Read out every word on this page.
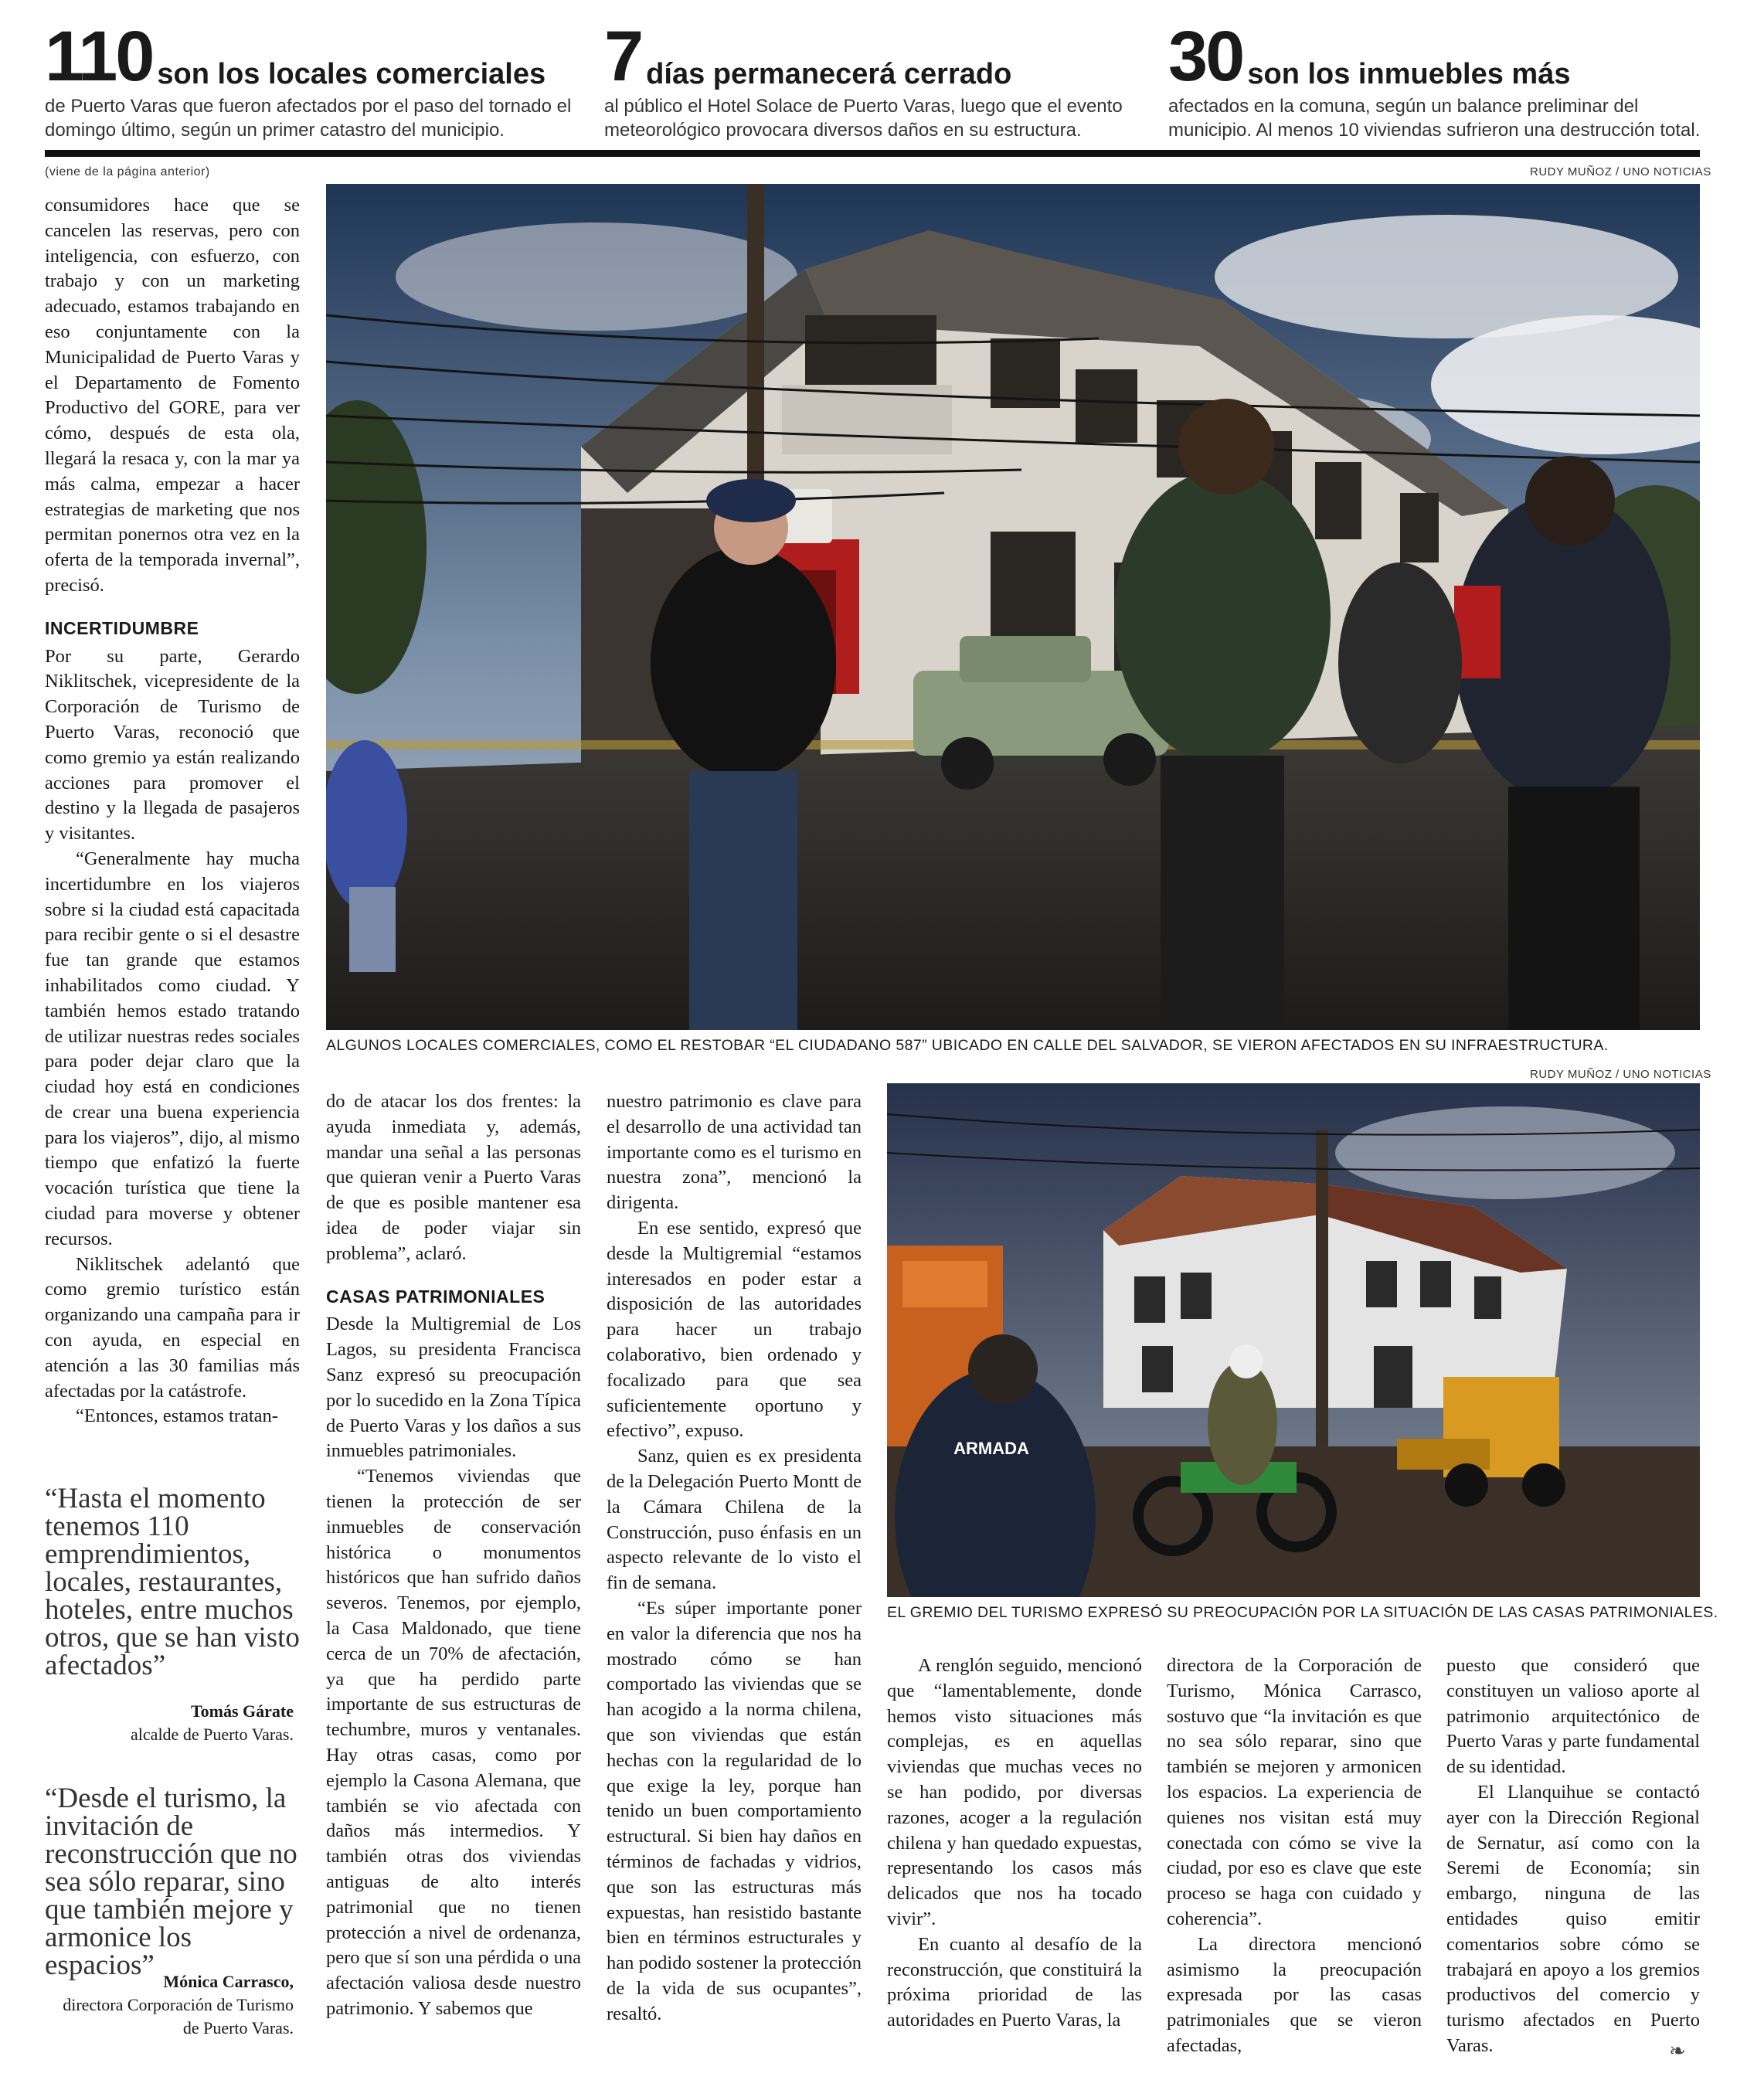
110 son los locales comerciales
de Puerto Varas que fueron afectados por el paso del tornado el domingo último, según un primer catastro del municipio.
7 días permanecerá cerrado
al público el Hotel Solace de Puerto Varas, luego que el evento meteorológico provocara diversos daños en su estructura.
30 son los inmuebles más
afectados en la comuna, según un balance preliminar del municipio. Al menos 10 viviendas sufrieron una destrucción total.
(viene de la página anterior)	RUDY MUÑOZ / UNO NOTICIAS
ALGUNOS LOCALES COMERCIALES, COMO EL RESTOBAR “EL CIUDADANO 587” UBICADO EN CALLE DEL SALVADOR, SE VIERON AFECTADOS EN SU INFRAESTRUCTURA.

consumidores hace que se cancelen las reservas, pero con inteligencia, con esfuerzo, con trabajo y con un marketing adecuado, estamos trabajando en eso conjuntamente con la Municipalidad de Puerto Varas y el Departamento de Fomento Productivo del GORE, para ver cómo, después de esta ola, llegará la resaca y, con la mar ya más calma, empezar a hacer estrategias de marketing que nos permitan ponernos otra vez en la oferta de la temporada invernal”, precisó.

INCERTIDUMBRE

Por su parte, Gerardo Niklitschek, vicepresidente de la Corporación de Turismo de Puerto Varas, reconoció que como gremio ya están realizando acciones para promover el destino y la llegada de pasajeros y visitantes.

“Generalmente hay mucha incertidumbre en los viajeros sobre si la ciudad está capacitada para recibir gente o si el desastre fue tan grande que estamos inhabilitados como ciudad. Y también hemos estado tratando de utilizar nuestras redes sociales para poder dejar claro que la ciudad hoy está en condiciones de crear una buena experiencia para los viajeros”, dijo, al mismo tiempo que enfatizó la fuerte vocación turística que tiene la ciudad para moverse y obtener recursos.

Niklitschek adelantó que como gremio turístico están organizando una campaña para ir con ayuda, en especial en atención a las 30 familias más afectadas por la catástrofe.

“Entonces, estamos tratan-

“Hasta el momento tenemos 110 emprendimientos, locales, restaurantes, hoteles, entre muchos otros, que se han visto afectados”
Tomás Gárate
alcalde de Puerto Varas.
“Desde el turismo, la invitación de reconstrucción que no sea sólo reparar, sino que también mejore y armonice los espacios”
Mónica Carrasco,
directora Corporación de Turismo de Puerto Varas.

do de atacar los dos frentes: la ayuda inmediata y, además, mandar una señal a las personas que quieran venir a Puerto Varas de que es posible mantener esa idea de poder viajar sin problema”, aclaró.

CASAS PATRIMONIALES

Desde la Multigremial de Los Lagos, su presidenta Francisca Sanz expresó su preocupación por lo sucedido en la Zona Típica de Puerto Varas y los daños a sus inmuebles patrimoniales.

“Tenemos viviendas que tienen la protección de ser inmuebles de conservación histórica o monumentos históricos que han sufrido daños severos. Tenemos, por ejemplo, la Casa Maldonado, que tiene cerca de un 70% de afectación, ya que ha perdido parte importante de sus estructuras de techumbre, muros y ventanales. Hay otras casas, como por ejemplo la Casona Alemana, que también se vio afectada con daños más intermedios. Y también otras dos viviendas antiguas de alto interés patrimonial que no tienen protección a nivel de ordenanza, pero que sí son una pérdida o una afectación valiosa desde nuestro patrimonio. Y sabemos que

nuestro patrimonio es clave para el desarrollo de una actividad tan importante como es el turismo en nuestra zona”, mencionó la dirigenta.

En ese sentido, expresó que desde la Multigremial “estamos interesados en poder estar a disposición de las autoridades para hacer un trabajo colaborativo, bien ordenado y focalizado para que sea suficientemente oportuno y efectivo”, expuso.

Sanz, quien es ex presidenta de la Delegación Puerto Montt de la Cámara Chilena de la Construcción, puso énfasis en un aspecto relevante de lo visto el fin de semana.

“Es súper importante poner en valor la diferencia que nos ha mostrado cómo se han comportado las viviendas que se han acogido a la norma chilena, que son viviendas que están hechas con la regularidad de lo que exige la ley, porque han tenido un buen comportamiento estructural. Si bien hay daños en términos de fachadas y vidrios, que son las estructuras más expuestas, han resistido bastante bien en términos estructurales y han podido sostener la protección de la vida de sus ocupantes”, resaltó.

RUDY MUÑOZ / UNO NOTICIAS
ARMADA
EL GREMIO DEL TURISMO EXPRESÓ SU PREOCUPACIÓN POR LA SITUACIÓN DE LAS CASAS PATRIMONIALES.

A renglón seguido, mencionó que “lamentablemente, donde hemos visto situaciones más complejas, es en aquellas viviendas que muchas veces no se han podido, por diversas razones, acoger a la regulación chilena y han quedado expuestas, representando los casos más delicados que nos ha tocado vivir”.

En cuanto al desafío de la reconstrucción, que constituirá la próxima prioridad de las autoridades en Puerto Varas, la

directora de la Corporación de Turismo, Mónica Carrasco, sostuvo que “la invitación es que no sea sólo reparar, sino que también se mejoren y armonicen los espacios. La experiencia de quienes nos visitan está muy conectada con cómo se vive la ciudad, por eso es clave que este proceso se haga con cuidado y coherencia”.

La directora mencionó asimismo la preocupación expresada por las casas patrimoniales que se vieron afectadas,

puesto que consideró que constituyen un valioso aporte al patrimonio arquitectónico de Puerto Varas y parte fundamental de su identidad.

El Llanquihue se contactó ayer con la Dirección Regional de Sernatur, así como con la Seremi de Economía; sin embargo, ninguna de las entidades quiso emitir comentarios sobre cómo se trabajará en apoyo a los gremios productivos del comercio y turismo afectados en Puerto Varas.	❧
